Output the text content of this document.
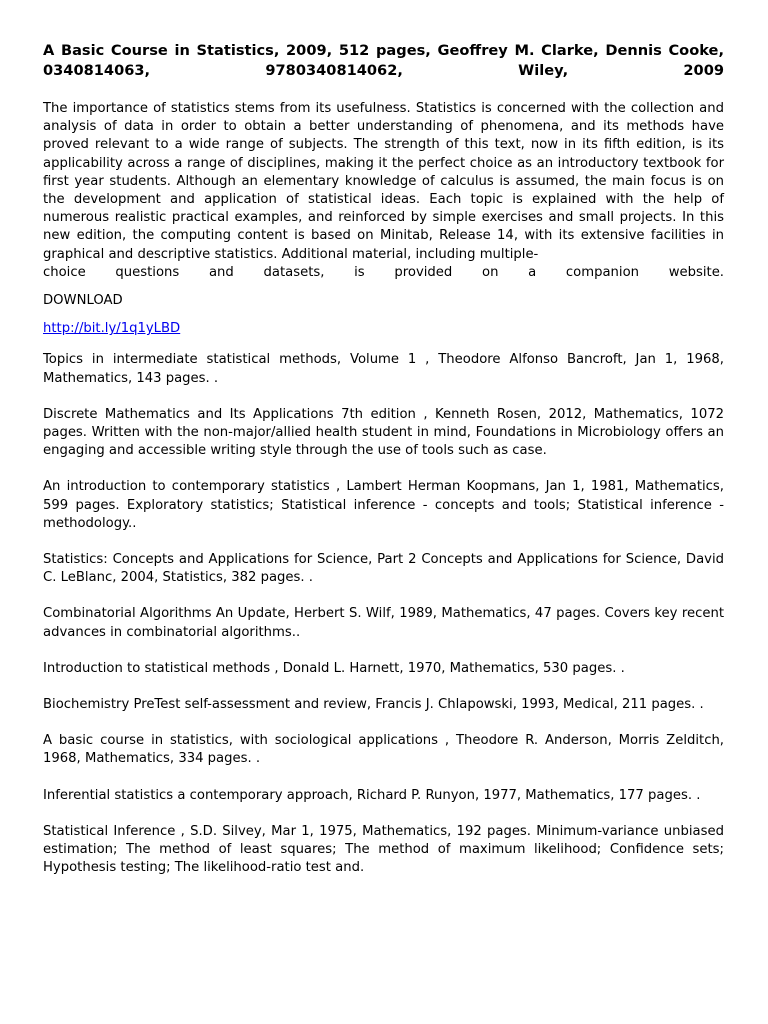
A Basic Course in Statistics, 2009, 512 pages, Geoffrey M. Clarke, Dennis Cooke,
0340814063, 9780340814062, Wiley, 2009
The importance of statistics stems from its usefulness. Statistics is concerned with the collection and analysis of data in order to obtain a better understanding of phenomena, and its methods have proved relevant to a wide range of subjects. The strength of this text, now in its fifth edition, is its applicability across a range of disciplines, making it the perfect choice as an introductory textbook for first year students. Although an elementary knowledge of calculus is assumed, the main focus is on the development and application of statistical ideas. Each topic is explained with the help of numerous realistic practical examples, and reinforced by simple exercises and small projects. In this new edition, the computing content is based on Minitab, Release 14, with its extensive facilities in graphical and descriptive statistics. Additional material, including multiple-
choice questions and datasets, is provided on a companion website.
DOWNLOAD
http://bit.ly/1q1yLBD
Topics in intermediate statistical methods, Volume 1 , Theodore Alfonso Bancroft, Jan 1, 1968, Mathematics, 143 pages. .
Discrete Mathematics and Its Applications 7th edition , Kenneth Rosen, 2012, Mathematics, 1072 pages. Written with the non-major/allied health student in mind, Foundations in Microbiology offers an engaging and accessible writing style through the use of tools such as case.
An introduction to contemporary statistics , Lambert Herman Koopmans, Jan 1, 1981, Mathematics, 599 pages. Exploratory statistics; Statistical inference - concepts and tools; Statistical inference - methodology..
Statistics: Concepts and Applications for Science, Part 2 Concepts and Applications for Science, David C. LeBlanc, 2004, Statistics, 382 pages. .
Combinatorial Algorithms An Update, Herbert S. Wilf, 1989, Mathematics, 47 pages. Covers key recent advances in combinatorial algorithms..
Introduction to statistical methods , Donald L. Harnett, 1970, Mathematics, 530 pages. .
Biochemistry PreTest self-assessment and review, Francis J. Chlapowski, 1993, Medical, 211 pages. .
A basic course in statistics, with sociological applications , Theodore R. Anderson, Morris Zelditch, 1968, Mathematics, 334 pages. .
Inferential statistics a contemporary approach, Richard P. Runyon, 1977, Mathematics, 177 pages. .
Statistical Inference , S.D. Silvey, Mar 1, 1975, Mathematics, 192 pages. Minimum-variance unbiased estimation; The method of least squares; The method of maximum likelihood; Confidence sets; Hypothesis testing; The likelihood-ratio test and.
